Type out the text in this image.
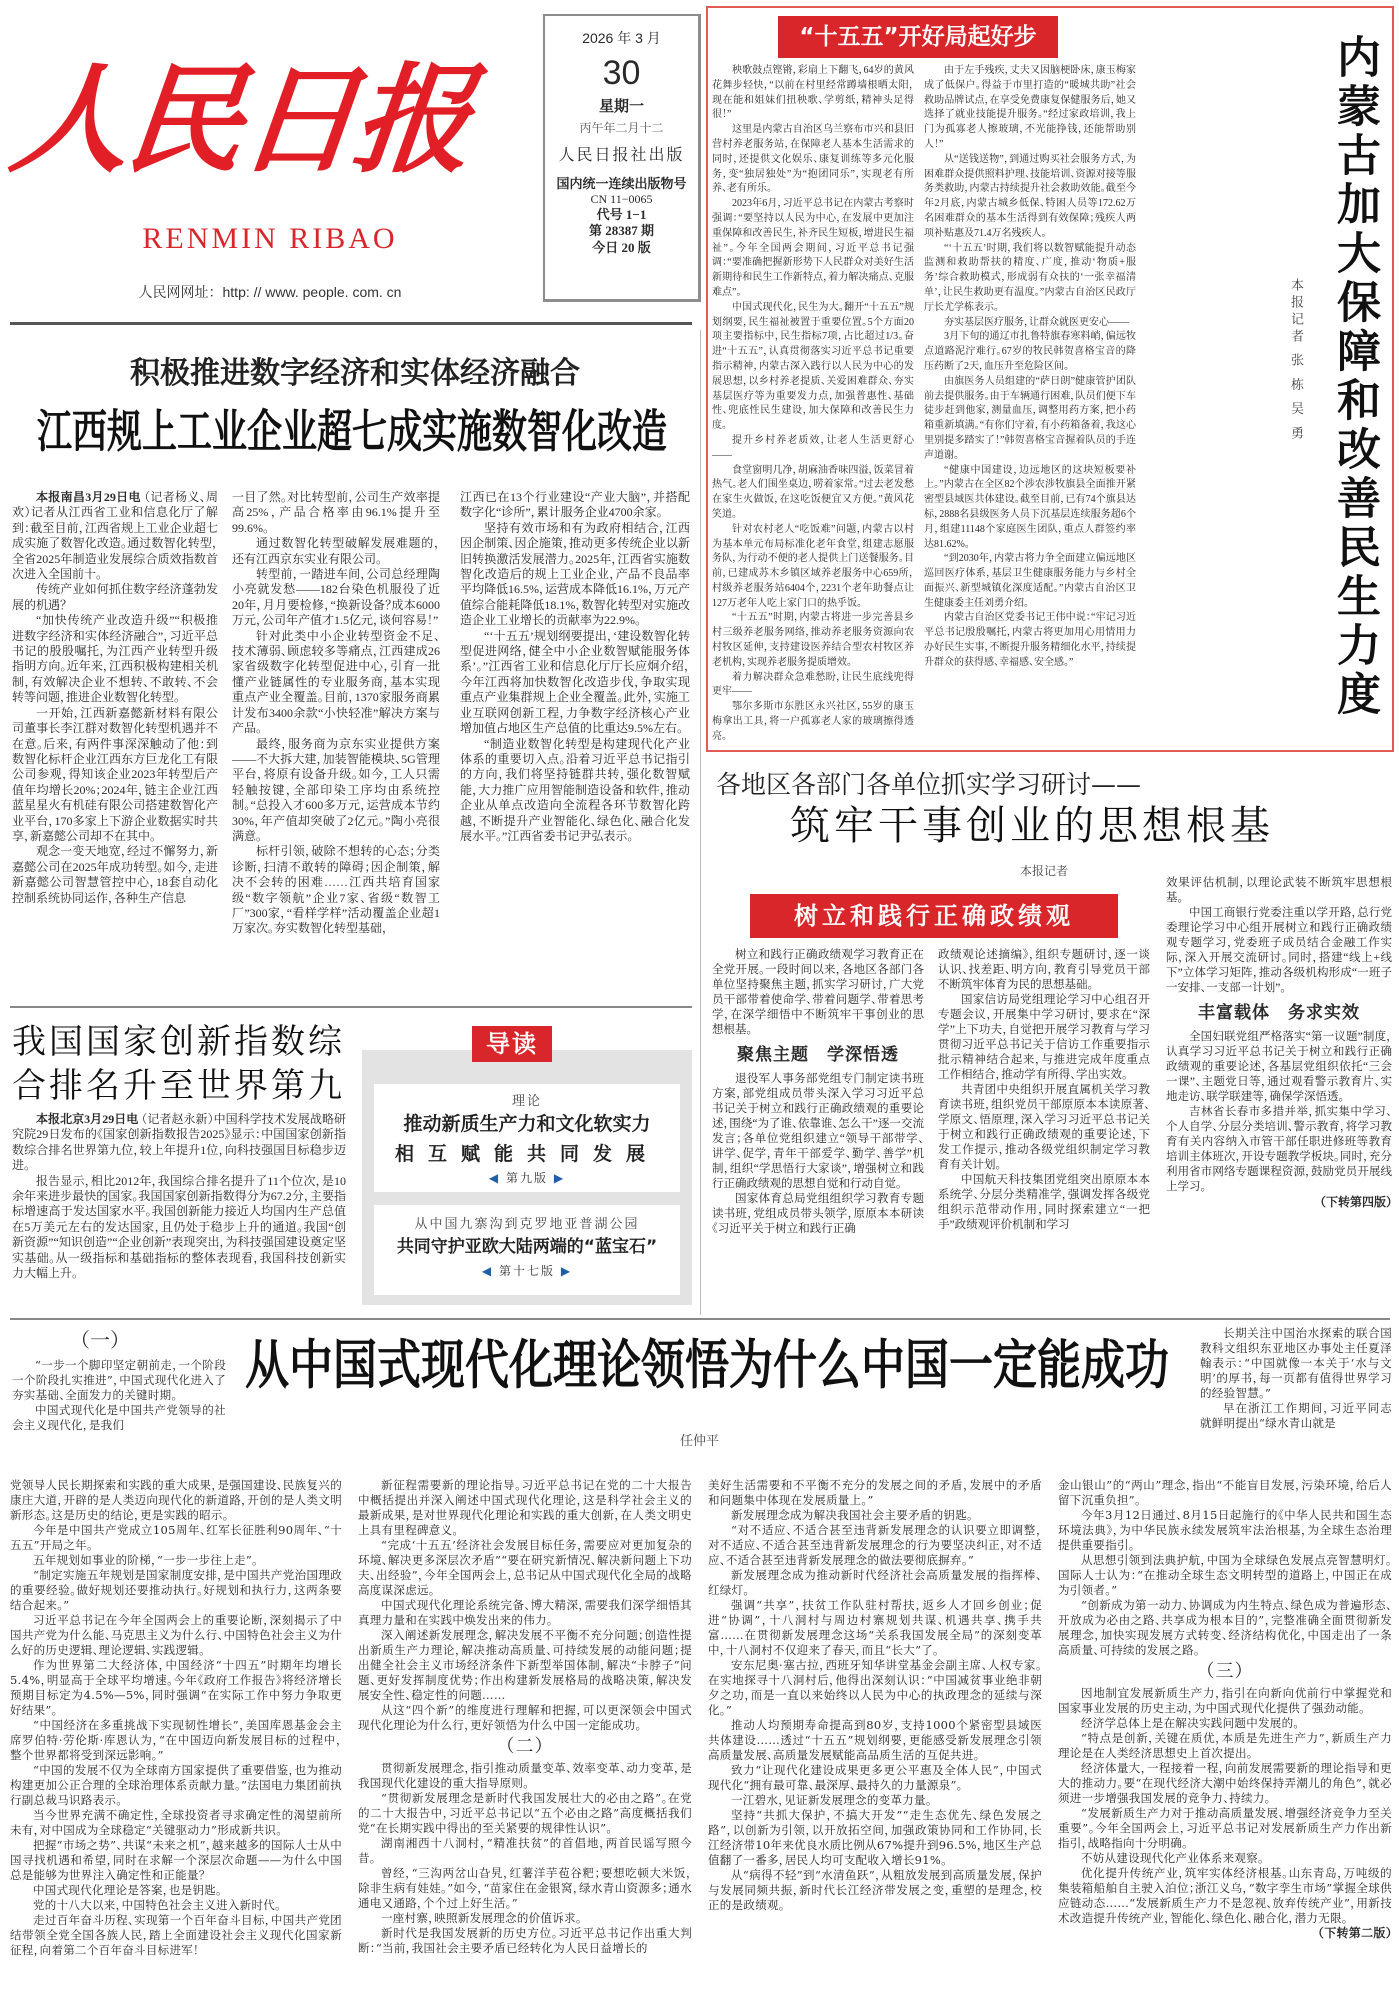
人民日报
RENMIN RIBAO
人民网网址：http: // www. people. com. cn
2026 年 3 月
30
星期一
丙午年二月十二
人民日报社出版
国内统一连续出版物号
CN 11−0065
代号 1−1
第 28387 期
今日 20 版
“十五五”开好局起好步

秧歌鼓点铿锵，彩扇上下翻飞，64岁的黄风花舞步轻快，“以前在村里经常蹲墙根晒太阳，现在能和姐妹们扭秧歌、学剪纸，精神头足得很！”

这里是内蒙古自治区乌兰察布市兴和县旧营村养老服务站，在保障老人基本生活需求的同时，还提供文化娱乐、康复训练等多元化服务，变“独居独处”为“抱团同乐”，实现老有所养、老有所乐。

2023年6月，习近平总书记在内蒙古考察时强调：“要坚持以人民为中心，在发展中更加注重保障和改善民生，补齐民生短板，增进民生福祉”。今年全国两会期间，习近平总书记强调：“要准确把握新形势下人民群众对美好生活新期待和民生工作新特点，着力解决痛点、克服难点”。

中国式现代化，民生为大。翻开“十五五”规划纲要，民生福祉被置于重要位置。5个方面20项主要指标中，民生指标7项，占比超过1/3。奋进“十五五”，认真贯彻落实习近平总书记重要指示精神，内蒙古深入践行以人民为中心的发展思想，以乡村养老提质、关爱困难群众、夯实基层医疗等为重要发力点，加强普惠性、基础性、兜底性民生建设，加大保障和改善民生力度。

提升乡村养老质效，让老人生活更舒心——

食堂窗明几净，胡麻油香味四溢，饭菜冒着热气。老人们围坐桌边，唠着家常。“过去老发愁在家生火做饭，在这吃饭便宜又方便。”黄风花笑道。

针对农村老人“吃饭难”问题，内蒙古以村为基本单元布局标准化老年食堂，组建志愿服务队，为行动不便的老人提供上门送餐服务。目前，已建成苏木乡镇区域养老服务中心659所，村级养老服务站6404个，2231个老年助餐点让127万老年人吃上家门口的热乎饭。

“十五五”时期，内蒙古将进一步完善县乡村三级养老服务网络，推动养老服务资源向农村牧区延伸，支持建设医养结合型农村牧区养老机构，实现养老服务提质增效。

着力解决群众急难愁盼，让民生底线兜得更牢——

鄂尔多斯市东胜区永兴社区，55岁的康玉梅拿出工具，将一户孤寡老人家的玻璃擦得透亮。

由于左手残疾，丈夫又因脑梗卧床，康玉梅家成了低保户。得益于市里打造的“暖城共助”社会救助品牌试点，在享受免费康复保健服务后，她又选择了就业技能提升服务。“经过家政培训，我上门为孤寡老人擦玻璃，不光能挣钱，还能帮助别人！”

从“送钱送物”，到通过购买社会服务方式，为困难群众提供照料护理、技能培训、资源对接等服务类救助，内蒙古持续提升社会救助效能。截至今年2月底，内蒙古城乡低保、特困人员等172.62万名困难群众的基本生活得到有效保障；残疾人两项补贴惠及71.4万名残疾人。

“‘十五五’时期，我们将以数智赋能提升动态监测和救助帮扶的精度、广度，推动‘物质+服务’综合救助模式，形成弱有众扶的‘一张幸福清单’，让民生救助更有温度。”内蒙古自治区民政厅厅长尤学栋表示。

夯实基层医疗服务，让群众就医更安心——

3月下旬的通辽市扎鲁特旗春寒料峭，偏远牧点道路泥泞难行。67岁的牧民韩贺喜格宝音的降压药断了2天，血压升至危险区间。

由旗医务人员组建的“萨日朗”健康管护团队前去提供服务。由于车辆通行困难，队员们便下车徒步赶到他家，测量血压，调整用药方案，把小药箱重新填满。“有你们守着，有小药箱备着，我这心里别提多踏实了！”韩贺喜格宝音握着队员的手连声道谢。

“健康中国建设，边远地区的这块短板要补上。”内蒙古在全区82个涉农涉牧旗县全面推开紧密型县域医共体建设。截至目前，已有74个旗县达标，2888名县级医务人员下沉基层连续服务超6个月，组建11148个家庭医生团队，重点人群签约率达81.62%。

“到2030年，内蒙古将力争全面建立偏远地区巡回医疗体系，基层卫生健康服务能力与乡村全面振兴、新型城镇化深度适配。”内蒙古自治区卫生健康委主任刘勇介绍。

内蒙古自治区党委书记王伟中说：“牢记习近平总书记殷殷嘱托，内蒙古将更加用心用情用力办好民生实事，不断提升服务精细化水平，持续提升群众的获得感、幸福感、安全感。”

本报记者 张 栋 吴 勇 内蒙古加大保障和改善民生力度
积极推进数字经济和实体经济融合
江西规上工业企业超七成实施数智化改造

本报南昌3月29日电 （记者杨义、周欢）记者从江西省工业和信息化厅了解到：截至目前，江西省规上工业企业超七成实施了数智化改造。通过数智化转型，全省2025年制造业发展综合质效指数首次进入全国前十。

传统产业如何抓住数字经济蓬勃发展的机遇？

“加快传统产业改造升级”“积极推进数字经济和实体经济融合”，习近平总书记的殷殷嘱托，为江西产业转型升级指明方向。近年来，江西积极构建相关机制，有效解决企业不想转、不敢转、不会转等问题，推进企业数智化转型。

一开始，江西新嘉懿新材料有限公司董事长李江群对数智化转型机遇并不在意。后来，有两件事深深触动了他：到数智化标杆企业江西东方巨龙化工有限公司参观，得知该企业2023年转型后产值年均增长20%；2024年，链主企业江西蓝星星火有机硅有限公司搭建数智化产业平台，170多家上下游企业数据实时共享，新嘉懿公司却不在其中。

观念一变天地宽，经过不懈努力，新嘉懿公司在2025年成功转型。如今，走进新嘉懿公司智慧管控中心，18套自动化控制系统协同运作，各种生产信息

一目了然。对比转型前，公司生产效率提高25%，产品合格率由96.1%提升至99.6%。

通过数智化转型破解发展难题的，还有江西京东实业有限公司。

转型前，一踏进车间，公司总经理陶小亮就发愁——182台染色机服役了近20年，月月要检修，“换新设备？成本6000万元，公司年产值才1.5亿元，谈何容易！”

针对此类中小企业转型资金不足、技术薄弱、顾虑较多等痛点，江西建成26家省级数字化转型促进中心，引育一批懂产业链属性的专业服务商，基本实现重点产业全覆盖。目前，1370家服务商累计发布3400余款“小快轻准”解决方案与产品。

最终，服务商为京东实业提供方案——不大拆大建，加装智能模块、5G管理平台，将原有设备升级。如今，工人只需轻触按键，全部印染工序均由系统控制。“总投入才600多万元，运营成本节约30%，年产值却突破了2亿元。”陶小亮很满意。

标杆引领，破除不想转的心态；分类诊断，扫清不敢转的障碍；因企制策，解决不会转的困难……江西共培育国家级“数字领航”企业7家、省级“数智工厂”300家，“看样学样”活动覆盖企业超1万家次。夯实数智化转型基础，

江西已在13个行业建设“产业大脑”，并搭配数字化“诊所”，累计服务企业4700余家。

坚持有效市场和有为政府相结合，江西因企制策、因企施策，推动更多传统企业以新旧转换激活发展潜力。2025年，江西省实施数智化改造后的规上工业企业，产品不良品率平均降低16.5%，运营成本降低16.1%，万元产值综合能耗降低18.1%，数智化转型对实施改造企业工业增长的贡献率为22.9%。

“‘十五五’规划纲要提出，‘建设数智化转型促进网络，健全中小企业数智赋能服务体系’。”江西省工业和信息化厅厅长应炯介绍，今年江西将加快数智化改造步伐，争取实现重点产业集群规上企业全覆盖。此外，实施工业互联网创新工程，力争数字经济核心产业增加值占地区生产总值的比重达9.5%左右。

“制造业数智化转型是构建现代化产业体系的重要切入点。沿着习近平总书记指引的方向，我们将坚持链群共转，强化数智赋能，大力推广应用智能制造设备和软件，推动企业从单点改造向全流程各环节数智化跨越，不断提升产业智能化、绿色化、融合化发展水平。”江西省委书记尹弘表示。

我国国家创新指数综合排名升至世界第九

本报北京3月29日电 （记者赵永新）中国科学技术发展战略研究院29日发布的《国家创新指数报告2025》显示：中国国家创新指数综合排名世界第九位，较上年提升1位，向科技强国目标稳步迈进。

报告显示，相比2012年，我国综合排名提升了11个位次，是10余年来进步最快的国家。我国国家创新指数得分为67.2分，主要指标增速高于发达国家水平。我国创新能力接近人均国内生产总值在5万美元左右的发达国家，且仍处于稳步上升的通道。我国“创新资源”“知识创造”“企业创新”表现突出，为科技强国建设奠定坚实基础。从一级指标和基础指标的整体表现看，我国科技创新实力大幅上升。

理论
推动新质生产力和文化软实力
相互赋能共同发展
◀ 第九版 ▶
从中国九寨沟到克罗地亚普湖公园
共同守护亚欧大陆两端的“蓝宝石”
◀ 第十七版 ▶
导读
各地区各部门各单位抓实学习研讨——
筑牢干事创业的思想根基
本报记者
树立和践行正确政绩观

树立和践行正确政绩观学习教育正在全党开展。一段时间以来，各地区各部门各单位坚持聚焦主题，抓实学习研讨，广大党员干部带着使命学、带着问题学、带着思考学，在深学细悟中不断筑牢干事创业的思想根基。

聚焦主题　学深悟透

退役军人事务部党组专门制定读书班方案，部党组成员带头深入学习习近平总书记关于树立和践行正确政绩观的重要论述，围绕“为了谁、依靠谁、怎么干”逐一交流发言；各单位党组织建立“领导干部带学、讲学、促学，青年干部爱学、勤学、善学”机制，组织“学思悟行大家谈”，增强树立和践行正确政绩观的思想自觉和行动自觉。

国家体育总局党组组织学习教育专题读书班，党组成员带头领学，原原本本研读《习近平关于树立和践行正确

政绩观论述摘编》，组织专题研讨，逐一谈认识、找差距、明方向，教育引导党员干部不断筑牢体育为民的思想基础。

国家信访局党组理论学习中心组召开专题会议，开展集中学习研讨，要求在“深学”上下功夫，自觉把开展学习教育与学习贯彻习近平总书记关于信访工作重要指示批示精神结合起来，与推进完成年度重点工作相结合，推动学有所得、学出实效。

共青团中央组织开展直属机关学习教育读书班，组织党员干部原原本本读原著、学原文、悟原理，深入学习习近平总书记关于树立和践行正确政绩观的重要论述，下发工作提示，推动各级党组织制定学习教育有关计划。

中国航天科技集团党组突出原原本本系统学、分层分类精准学，强调发挥各级党组织示范带动作用，同时探索建立“一把手”政绩观评价机制和学习

效果评估机制，以理论武装不断筑牢思想根基。

中国工商银行党委注重以学开路，总行党委理论学习中心组开展树立和践行正确政绩观专题学习，党委班子成员结合金融工作实际，深入开展交流研讨。同时，搭建“线上+线下”立体学习矩阵，推动各级机构形成“一班子一安排、一支部一计划”。

丰富载体　务求实效

全国妇联党组严格落实“第一议题”制度，认真学习习近平总书记关于树立和践行正确政绩观的重要论述，各基层党组织依托“三会一课”、主题党日等，通过观看警示教育片、实地走访、联学联建等，确保学深悟透。

吉林省长春市多措并举，抓实集中学习、个人自学、分层分类培训、警示教育，将学习教育有关内容纳入市管干部任职进修班等教育培训主体班次，开设专题教学板块。同时，充分利用省市网络专题课程资源，鼓励党员开展线上学习。

（下转第四版）
（一）

“一步一个脚印坚定朝前走，一个阶段一个阶段扎实推进”，中国式现代化进入了夯实基础、全面发力的关键时期。

中国式现代化是中国共产党领导的社会主义现代化，是我们

从中国式现代化理论领悟为什么中国一定能成功
任仲平

长期关注中国治水探索的联合国教科文组织东亚地区办事处主任夏泽翰表示：“中国就像一本关于‘水与文明’的厚书，每一页都有值得世界学习的经验智慧。”

早在浙江工作期间，习近平同志就鲜明提出“绿水青山就是

党领导人民长期探索和实践的重大成果，是强国建设、民族复兴的康庄大道，开辟的是人类迈向现代化的新道路，开创的是人类文明新形态。这是历史的结论，更是实践的昭示。

今年是中国共产党成立105周年、红军长征胜利90周年、“十五五”开局之年。

五年规划如事业的阶梯，“一步一步往上走”。

“制定实施五年规划是国家制度安排，是中国共产党治国理政的重要经验。做好规划还要推动执行。好规划和执行力，这两条要结合起来。”

习近平总书记在今年全国两会上的重要论断，深刻揭示了中国共产党为什么能、马克思主义为什么行、中国特色社会主义为什么好的历史逻辑、理论逻辑、实践逻辑。

作为世界第二大经济体，中国经济“十四五”时期年均增长5.4%，明显高于全球平均增速。今年《政府工作报告》将经济增长预期目标定为4.5%—5%，同时强调“在实际工作中努力争取更好结果”。

“中国经济在多重挑战下实现韧性增长”，美国库恩基金会主席罗伯特·劳伦斯·库恩认为，“在中国迈向新发展目标的过程中，整个世界都将受到深远影响。”

“中国的发展不仅为全球南方国家提供了重要借鉴，也为推动构建更加公正合理的全球治理体系贡献力量。”法国电力集团前执行副总裁马识路表示。

当今世界充满不确定性，全球投资者寻求确定性的渴望前所未有，对中国成为全球稳定“关键驱动力”形成新共识。

把握“市场之势”、共谋“未来之机”，越来越多的国际人士从中国寻找机遇和希望，同时在求解一个深层次命题——为什么中国总是能够为世界注入确定性和正能量？

中国式现代化理论是答案，也是钥匙。

党的十八大以来，中国特色社会主义进入新时代。

走过百年奋斗历程、实现第一个百年奋斗目标，中国共产党团结带领全党全国各族人民，踏上全面建设社会主义现代化国家新征程，向着第二个百年奋斗目标进军！

新征程需要新的理论指导。习近平总书记在党的二十大报告中概括提出并深入阐述中国式现代化理论，这是科学社会主义的最新成果，是对世界现代化理论和实践的重大创新，在人类文明史上具有里程碑意义。

“完成‘十五五’经济社会发展目标任务，需要应对更加复杂的环境、解决更多深层次矛盾”“要在研究新情况、解决新问题上下功夫、出经验”，今年全国两会上，总书记从中国式现代化全局的战略高度谋深虑远。

中国式现代化理论系统完备、博大精深，需要我们深学细悟其真理力量和在实践中焕发出来的伟力。

深入阐述新发展理念，解决发展不平衡不充分问题；创造性提出新质生产力理论，解决推动高质量、可持续发展的动能问题；提出健全社会主义市场经济条件下新型举国体制，解决“卡脖子”问题、更好发挥制度优势；作出构建新发展格局的战略决策，解决发展安全性、稳定性的问题……

从这“四个新”的维度进行理解和把握，可以更深领会中国式现代化理论为什么行，更好领悟为什么中国一定能成功。

（二）

贯彻新发展理念，指引推动质量变革、效率变革、动力变革，是我国现代化建设的重大指导原则。

“贯彻新发展理念是新时代我国发展壮大的必由之路”。在党的二十大报告中，习近平总书记以“五个必由之路”高度概括我们党“在长期实践中得出的至关紧要的规律性认识”。

湖南湘西十八洞村，“精准扶贫”的首倡地，两首民谣写照今昔。

曾经，“三沟两岔山旮旯，红薯洋芋苞谷粑；要想吃顿大米饭，除非生病有娃娃。”如今，“苗家住在金银窝，绿水青山资源多；通水通电又通路，个个过上好生活。”

一座村寨，映照新发展理念的价值诉求。

新时代是我国发展新的历史方位。习近平总书记作出重大判断：“当前，我国社会主要矛盾已经转化为人民日益增长的

美好生活需要和不平衡不充分的发展之间的矛盾，发展中的矛盾和问题集中体现在发展质量上。”

新发展理念成为解决我国社会主要矛盾的钥匙。

“对不适应、不适合甚至违背新发展理念的认识要立即调整，对不适应、不适合甚至违背新发展理念的行为要坚决纠正，对不适应、不适合甚至违背新发展理念的做法要彻底摒弃。”

新发展理念成为推动新时代经济社会高质量发展的指挥棒、红绿灯。

强调“共享”，扶贫工作队驻村帮扶，返乡人才回乡创业；促进“协调”，十八洞村与周边村寨规划共谋、机遇共享、携手共富……在贯彻新发展理念这场“关系我国发展全局”的深刻变革中，十八洞村不仅迎来了春天，而且“长大”了。

安东尼奥·塞古拉，西班牙知华讲堂基金会副主席、人权专家。在实地探寻十八洞村后，他得出深刻认识：“中国减贫事业绝非朝夕之功，而是一直以来始终以人民为中心的执政理念的延续与深化。”

推动人均预期寿命提高到80岁，支持1000个紧密型县域医共体建设……透过“十五五”规划纲要，更能感受新发展理念引领高质量发展、高质量发展赋能高品质生活的互促共进。

致力“让现代化建设成果更多更公平惠及全体人民”，中国式现代化“拥有最可靠、最深厚、最持久的力量源泉”。

一江碧水，见证新发展理念的变革力量。

坚持“共抓大保护，不搞大开发”“走生态优先、绿色发展之路”，以创新为引领，以开放拓空间，加强政策协同和工作协同，长江经济带10年来优良水质比例从67%提升到96.5%，地区生产总值翻了一番多，居民人均可支配收入增长91%。

从“病得不轻”到“水清鱼跃”，从粗放发展到高质量发展，保护与发展同频共振，新时代长江经济带发展之变，重塑的是理念，校正的是政绩观。

金山银山”的“两山”理念，指出“不能盲目发展，污染环境，给后人留下沉重负担”。

今年3月12日通过、8月15日起施行的《中华人民共和国生态环境法典》，为中华民族永续发展筑牢法治根基，为全球生态治理提供重要指引。

从思想引领到法典护航，中国为全球绿色发展点亮智慧明灯。国际人士认为：“在推动全球生态文明转型的道路上，中国正在成为引领者。”

“创新成为第一动力、协调成为内生特点、绿色成为普遍形态、开放成为必由之路、共享成为根本目的”，完整准确全面贯彻新发展理念，加快实现发展方式转变、经济结构优化，中国走出了一条高质量、可持续的发展之路。

（三）

因地制宜发展新质生产力，指引在向新向优前行中掌握党和国家事业发展的历史主动，为中国式现代化提供了强劲动能。

经济学总体上是在解决实践问题中发展的。

“特点是创新，关键在质优，本质是先进生产力”，新质生产力理论是在人类经济思想史上首次提出。

经济体量大，一程接着一程，向前发展需要新的理论指导和更大的推动力。要“在现代经济大潮中始终保持弄潮儿的角色”，就必须进一步增强我国发展的竞争力、持续力。

“发展新质生产力对于推动高质量发展、增强经济竞争力至关重要”。今年全国两会上，习近平总书记对发展新质生产力作出新指引，战略指向十分明确。

不妨从建设现代化产业体系来观察。

优化提升传统产业，筑牢实体经济根基。山东青岛，万吨级的集装箱船舶自主驶入泊位；浙江义乌，“数字孪生市场”掌握全球供应链动态……“发展新质生产力不是忽视、放弃传统产业”，用新技术改造提升传统产业，智能化、绿色化、融合化，潜力无限。

（下转第二版）
